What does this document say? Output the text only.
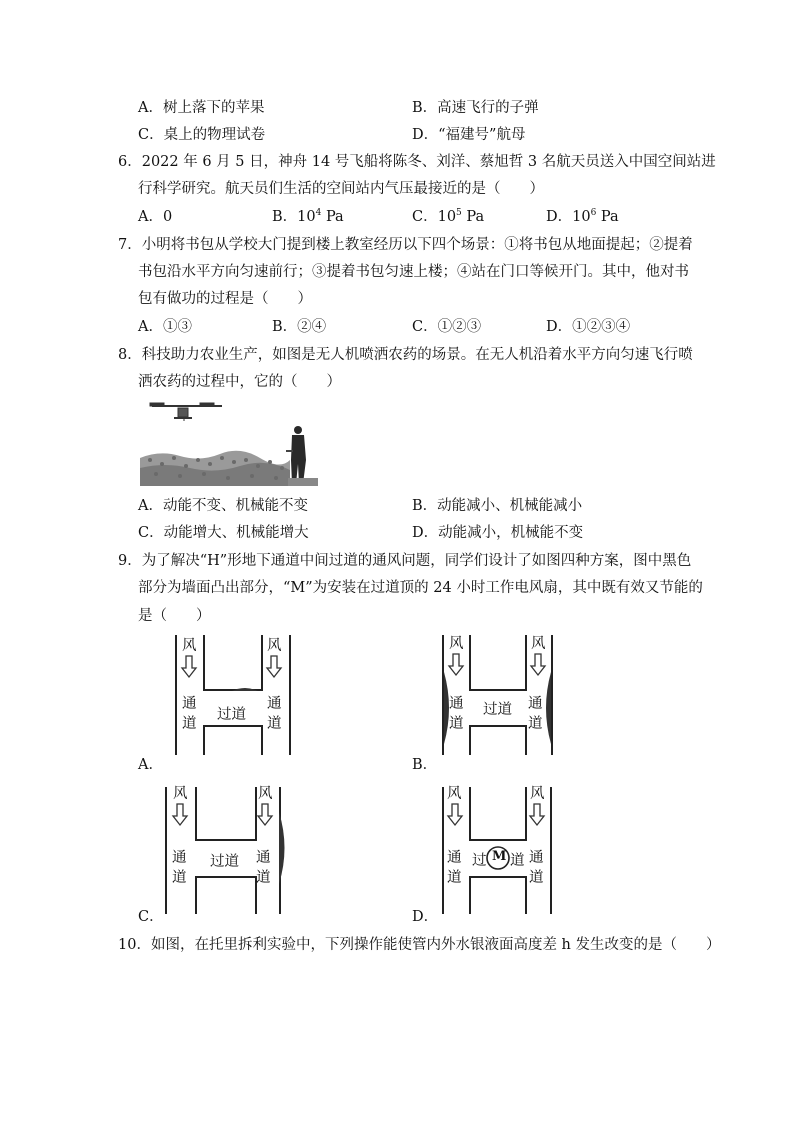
A．树上落下的苹果	B．高速飞行的子弹
C．桌上的物理试卷	D．“福建号”航母
6．2022 年 6 月 5 日，神舟 14 号飞船将陈冬、刘洋、蔡旭哲 3 名航天员送入中国空间站进
行科学研究。航天员们生活的空间站内气压最接近的是（　　）
A．0	B．$10^4$ Pa	C．$10^5$ Pa	D．$10^6$ Pa
7．小明将书包从学校大门提到楼上教室经历以下四个场景：①将书包从地面提起；②提着
书包沿水平方向匀速前行；③提着书包匀速上楼；④站在门口等候开门。其中，他对书
包有做功的过程是（　　）
A．①③	B．②④	C．①②③	D．①②③④
8．科技助力农业生产，如图是无人机喷洒农药的场景。在无人机沿着水平方向匀速飞行喷
洒农药的过程中，它的（　　）
A．动能不变、机械能不变	B．动能减小、机械能减小
C．动能增大、机械能增大	D．动能减小，机械能不变
9．为了解决“H”形地下通道中间过道的通风问题，同学们设计了如图四种方案，图中黑色
部分为墙面凸出部分，“M”为安装在过道顶的 24 小时工作电风扇，其中既有效又节能的
是（　　）
风	风
通
道
通
道
过道
A．
风	风
通
道
通
道
过道
B．
风	风
通
道
通
道
过道
C．
风	风
通
道
通
道
过 M 道
D．
10．如图，在托里拆利实验中，下列操作能使管内外水银液面高度差 h 发生改变的是（　　）
